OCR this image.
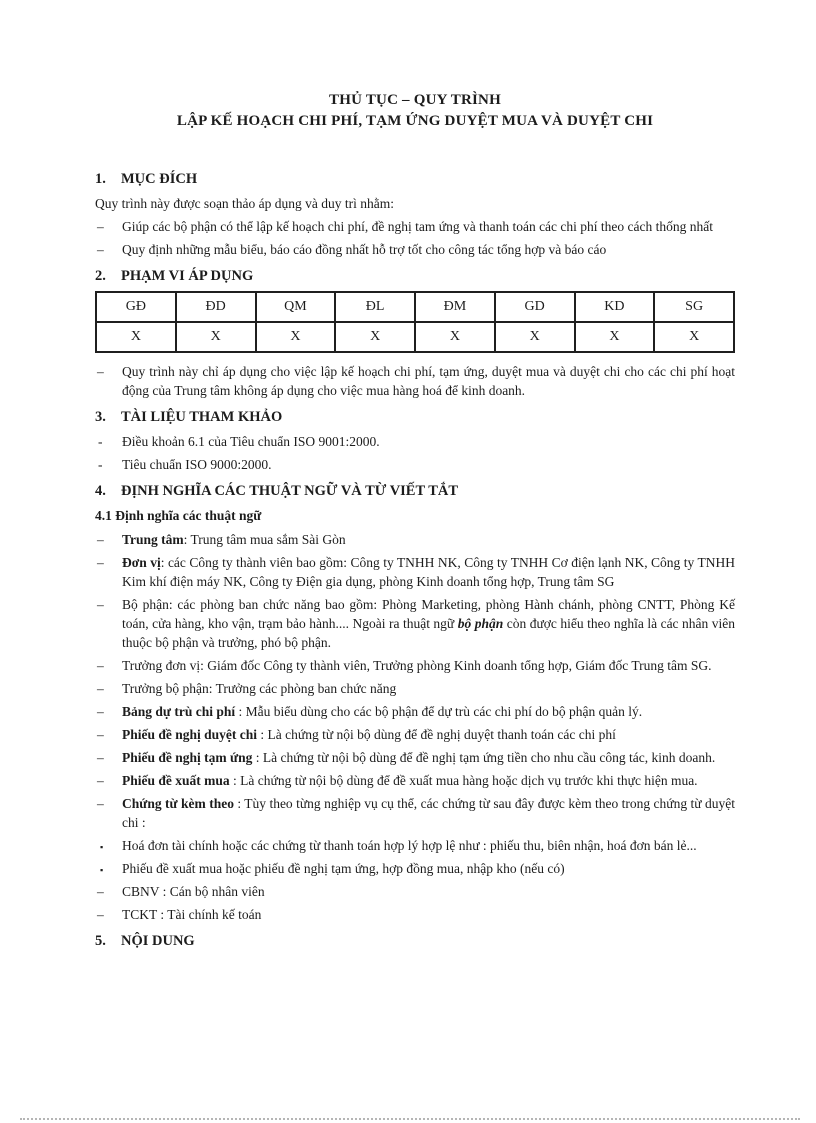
THỦ TỤC – QUY TRÌNH
LẬP KẾ HOẠCH CHI PHÍ, TẠM ỨNG DUYỆT MUA VÀ DUYỆT CHI
1. MỤC ĐÍCH

Quy trình này được soạn thảo áp dụng và duy trì nhằm:

– Giúp các bộ phận có thể lập kế hoạch chi phí, đề nghị tam ứng và thanh toán các chi phí theo cách thống nhất
– Quy định những mẫu biểu, báo cáo đồng nhất hỗ trợ tốt cho công tác tổng hợp và báo cáo
2. PHẠM VI ÁP DỤNG
GĐ	ĐD	QM	ĐL	ĐM	GD	KD	SG
X	X	X	X	X	X	X	X
– Quy trình này chỉ áp dụng cho việc lập kế hoạch chi phí, tạm ứng, duyệt mua và duyệt chi cho các chi phí hoạt động của Trung tâm không áp dụng cho việc mua hàng hoá để kinh doanh.
3. TÀI LIỆU THAM KHẢO
- Điều khoản 6.1 của Tiêu chuẩn ISO 9001:2000.
- Tiêu chuẩn ISO 9000:2000.
4. ĐỊNH NGHĨA CÁC THUẬT NGỮ VÀ TỪ VIẾT TẮT
4.1 Định nghĩa các thuật ngữ
– Trung tâm: Trung tâm mua sắm Sài Gòn
– Đơn vị: các Công ty thành viên bao gồm: Công ty TNHH NK, Công ty TNHH Cơ điện lạnh NK, Công ty TNHH Kim khí điện máy NK, Công ty Điện gia dụng, phòng Kinh doanh tổng hợp, Trung tâm SG
– Bộ phận: các phòng ban chức năng bao gồm: Phòng Marketing, phòng Hành chánh, phòng CNTT, Phòng Kế toán, cửa hàng, kho vận, trạm bảo hành.... Ngoài ra thuật ngữ bộ phận còn được hiểu theo nghĩa là các nhân viên thuộc bộ phận và trưởng, phó bộ phận.
– Trưởng đơn vị: Giám đốc Công ty thành viên, Trưởng phòng Kinh doanh tổng hợp, Giám đốc Trung tâm SG.
– Trưởng bộ phận: Trưởng các phòng ban chức năng
– Bảng dự trù chi phí : Mẫu biểu dùng cho các bộ phận để dự trù các chi phí do bộ phận quản lý.
– Phiếu đề nghị duyệt chi : Là chứng từ nội bộ dùng để đề nghị duyệt thanh toán các chi phí
– Phiếu đề nghị tạm ứng : Là chứng từ nội bộ dùng để đề nghị tạm ứng tiền cho nhu cầu công tác, kinh doanh.
– Phiếu đề xuất mua : Là chứng từ nội bộ dùng để đề xuất mua hàng hoặc dịch vụ trước khi thực hiện mua.
– Chứng từ kèm theo : Tùy theo từng nghiệp vụ cụ thể, các chứng từ sau đây được kèm theo trong chứng từ duyệt chi :
▪ Hoá đơn tài chính hoặc các chứng từ thanh toán hợp lý hợp lệ như : phiếu thu, biên nhận, hoá đơn bán lẻ...
▪ Phiếu đề xuất mua hoặc phiếu đề nghị tạm ứng, hợp đồng mua, nhập kho (nếu có)
– CBNV : Cán bộ nhân viên
– TCKT : Tài chính kế toán
5. NỘI DUNG
